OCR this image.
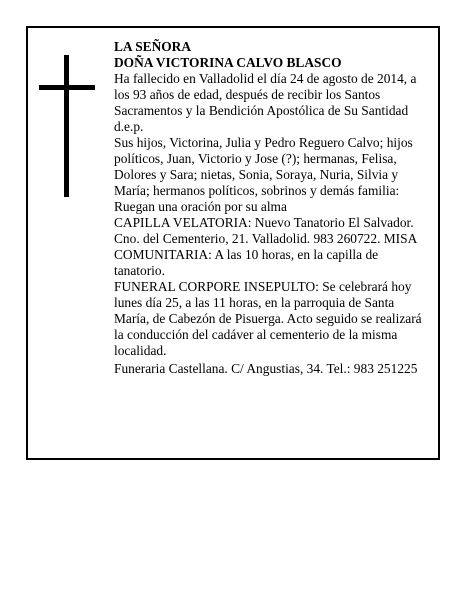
LA SEÑORA

DOÑA VICTORINA CALVO BLASCO

Ha fallecido en Valladolid el día 24 de agosto de 2014, a los 93 años de edad, después de recibir los Santos Sacramentos y la Bendición Apostólica de Su Santidad d.e.p.

Sus hijos, Victorina, Julia y Pedro Reguero Calvo; hijos políticos, Juan, Victorio y Jose (?); hermanas, Felisa, Dolores y Sara; nietas, Sonia, Soraya, Nuria, Silvia y María; hermanos políticos, sobrinos y demás familia:

Ruegan una oración por su alma

CAPILLA VELATORIA: Nuevo Tanatorio El Salvador. Cno. del Cementerio, 21. Valladolid. 983 260722. MISA COMUNITARIA: A las 10 horas, en la capilla de tanatorio.

FUNERAL CORPORE INSEPULTO: Se celebrará hoy lunes día 25, a las 11 horas, en la parroquia de Santa María, de Cabezón de Pisuerga. Acto seguido se realizará la conducción del cadáver al cementerio de la misma localidad.

Funeraria Castellana. C/ Angustias, 34. Tel.: 983 251225
